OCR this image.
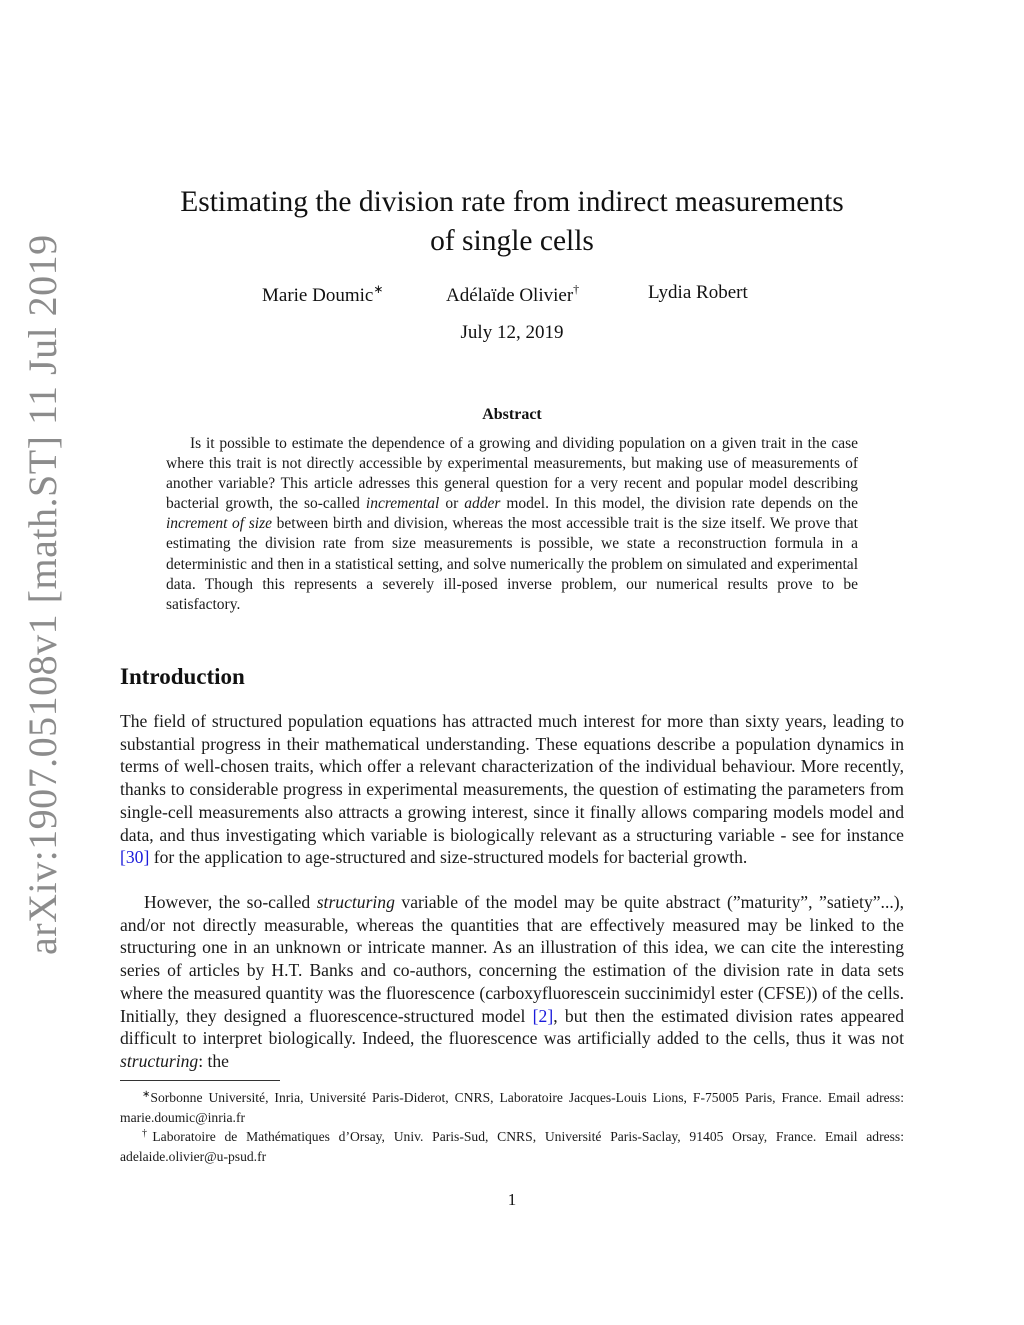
arXiv:1907.05108v1 [math.ST] 11 Jul 2019
Estimating the division rate from indirect measurements
of single cells
Marie Doumic∗	Adélaïde Olivier†	Lydia Robert
July 12, 2019
Abstract

Is it possible to estimate the dependence of a growing and dividing population on a given trait in the case where this trait is not directly accessible by experimental measurements, but making use of measurements of another variable? This article adresses this general question for a very recent and popular model describing bacterial growth, the so-called incremental or adder model. In this model, the division rate depends on the increment of size between birth and division, whereas the most accessible trait is the size itself. We prove that estimating the division rate from size measurements is possible, we state a reconstruction formula in a deterministic and then in a statistical setting, and solve numerically the problem on simulated and experimental data. Though this represents a severely ill-posed inverse problem, our numerical results prove to be satisfactory.

Introduction

The field of structured population equations has attracted much interest for more than sixty years, leading to substantial progress in their mathematical understanding. These equations describe a population dynamics in terms of well-chosen traits, which offer a relevant characterization of the individual behaviour. More recently, thanks to considerable progress in experimental measurements, the question of estimating the parameters from single-cell measurements also attracts a growing interest, since it finally allows comparing models model and data, and thus investigating which variable is biologically relevant as a structuring variable - see for instance [30] for the application to age-structured and size-structured models for bacterial growth.

However, the so-called structuring variable of the model may be quite abstract (”maturity”, ”satiety”...), and/or not directly measurable, whereas the quantities that are effectively measured may be linked to the structuring one in an unknown or intricate manner. As an illustration of this idea, we can cite the interesting series of articles by H.T. Banks and co-authors, concerning the estimation of the division rate in data sets where the measured quantity was the fluorescence (carboxyfluorescein succinimidyl ester (CFSE)) of the cells. Initially, they designed a fluorescence-structured model [2], but then the estimated division rates appeared difficult to interpret biologically. Indeed, the fluorescence was artificially added to the cells, thus it was not structuring: the

∗Sorbonne Université, Inria, Université Paris-Diderot, CNRS, Laboratoire Jacques-Louis Lions, F-75005 Paris, France. Email adress: marie.doumic@inria.fr

†Laboratoire de Mathématiques d’Orsay, Univ. Paris-Sud, CNRS, Université Paris-Saclay, 91405 Orsay, France. Email adress: adelaide.olivier@u-psud.fr

1
